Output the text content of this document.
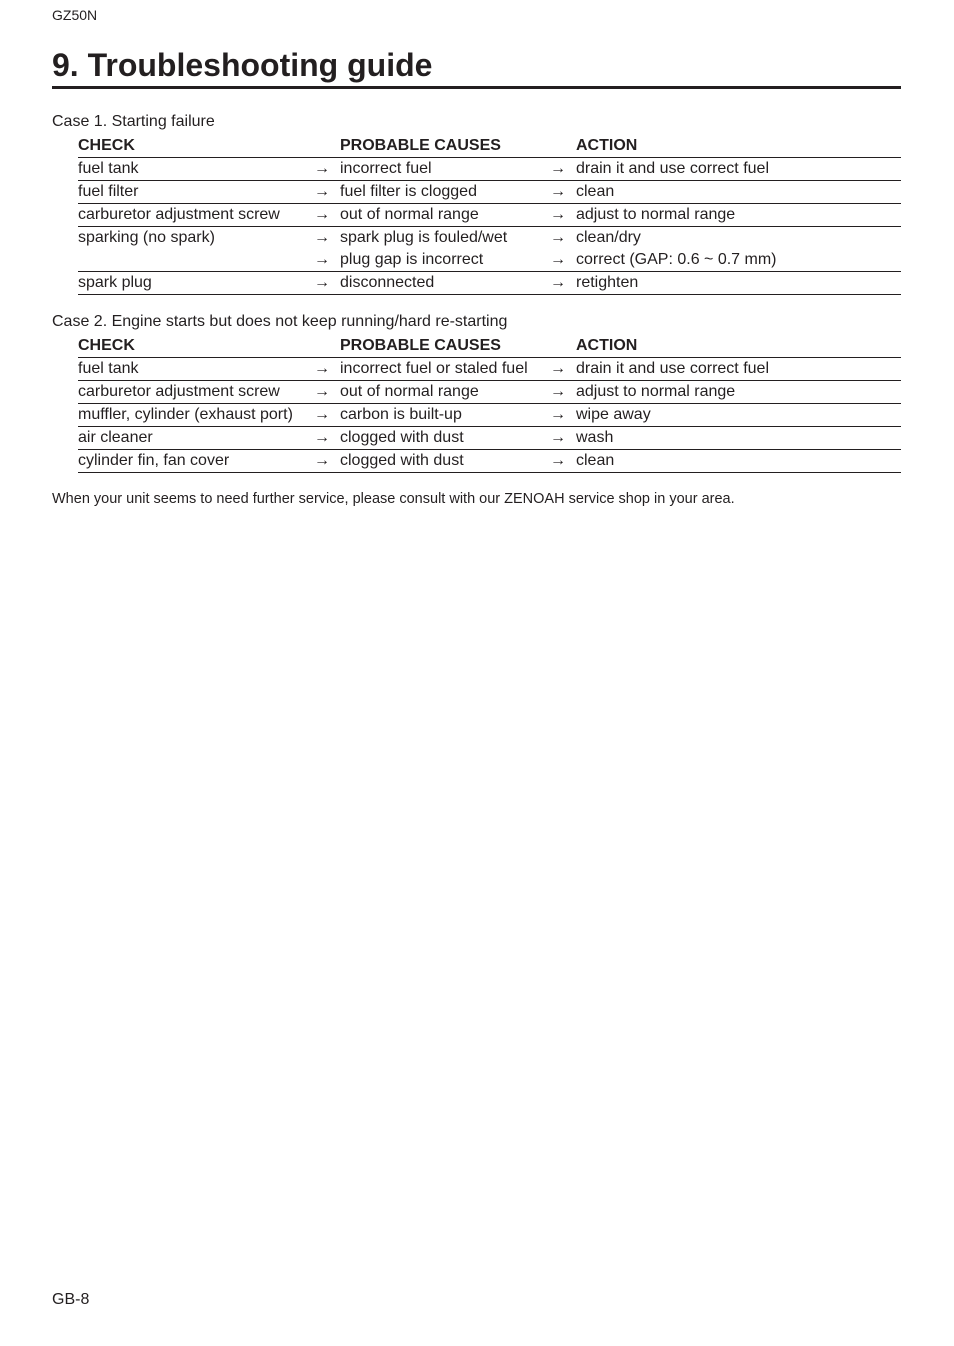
GZ50N
9. Troubleshooting guide
Case 1. Starting failure
CHECK		PROBABLE CAUSES		ACTION
fuel tank	→	incorrect fuel	→	drain it and use correct fuel
fuel filter	→	fuel filter is clogged	→	clean
carburetor adjustment screw	→	out of normal range	→	adjust to normal range
sparking (no spark)	→	spark plug is fouled/wet	→	clean/dry
	→	plug gap is incorrect	→	correct (GAP: 0.6 ~ 0.7 mm)
spark plug	→	disconnected	→	retighten
Case 2. Engine starts but does not keep running/hard re-starting
CHECK		PROBABLE CAUSES		ACTION
fuel tank	→	incorrect fuel or staled fuel	→	drain it and use correct fuel
carburetor adjustment screw	→	out of normal range	→	adjust to normal range
muffler, cylinder (exhaust port)	→	carbon is built-up	→	wipe away
air cleaner	→	clogged with dust	→	wash
cylinder fin, fan cover	→	clogged with dust	→	clean
When your unit seems to need further service, please consult with our ZENOAH service shop in your area.
GB-8
